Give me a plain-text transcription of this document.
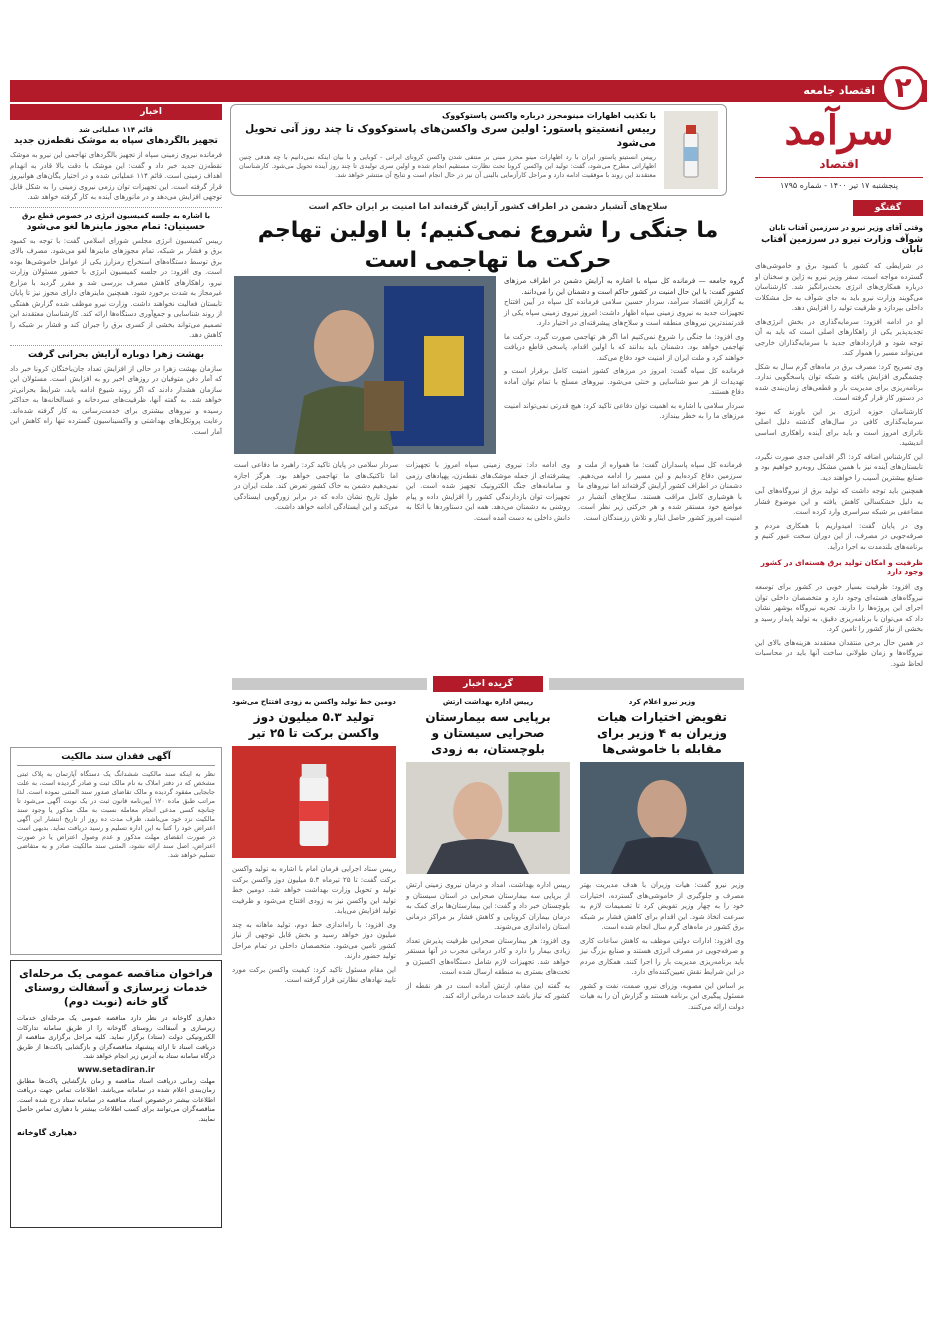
۲
اقتصاد جامعه
سرآمد
اقتصاد
پنجشنبه ۱۷ تیر ۱۴۰۰ - شماره ۱۷۹۵
با تکذیب اظهارات مینومحرز درباره واکسن پاستوکووک
رییس انستیتو پاستور: اولین سری واکسن‌های پاستوکووک تا چند روز آتی تحویل می‌شود
رییس انستیتو پاستور ایران با رد اظهارات مینو محرز مبنی بر منتفی شدن واکسن کرونای ایرانی - کوبایی و با بیان اینکه نمی‌دانیم با چه هدفی چنین اظهاراتی مطرح می‌شود، گفت: تولید این واکسن کرونا تحت نظارت مستقیم انجام شده و اولین سری تولیدی تا چند روز آینده تحویل می‌شود. کارشناسان معتقدند این روند با موفقیت ادامه دارد و مراحل کارآزمایی بالینی آن نیز در حال انجام است و نتایج آن منتشر خواهد شد.
گفتگو
وقتی آقای وزیر نیرو در سرزمین آفتاب تابان
شوآف وزارت نیرو در سرزمین آفتاب تابان

در شرایطی که کشور با کمبود برق و خاموشی‌های گسترده مواجه است، سفر وزیر نیرو به ژاپن و سخنان او درباره همکاری‌های انرژی بحث‌برانگیز شد. کارشناسان می‌گویند وزارت نیرو باید به جای شوآف به حل مشکلات داخلی بپردازد و ظرفیت تولید را افزایش دهد.

او در ادامه افزود: سرمایه‌گذاری در بخش انرژی‌های تجدیدپذیر یکی از راهکارهای اصلی است که باید به آن توجه شود و قراردادهای جدید با سرمایه‌گذاران خارجی می‌تواند مسیر را هموار کند.

وی تصریح کرد: مصرف برق در ماه‌های گرم سال به شکل چشمگیری افزایش یافته و شبکه توان پاسخگویی ندارد. برنامه‌ریزی برای مدیریت بار و قطعی‌های زمان‌بندی شده در دستور کار قرار گرفته است.

کارشناسان حوزه انرژی بر این باورند که نبود سرمایه‌گذاری کافی در سال‌های گذشته دلیل اصلی ناترازی امروز است و باید برای آینده راهکاری اساسی اندیشید.

این کارشناس اضافه کرد: اگر اقدامی جدی صورت نگیرد، تابستان‌های آینده نیز با همین مشکل روبه‌رو خواهیم بود و صنایع بیشترین آسیب را خواهند دید.

همچنین باید توجه داشت که تولید برق از نیروگاه‌های آبی به دلیل خشکسالی کاهش یافته و این موضوع فشار مضاعفی بر شبکه سراسری وارد کرده است.

وی در پایان گفت: امیدواریم با همکاری مردم و صرفه‌جویی در مصرف، از این دوران سخت عبور کنیم و برنامه‌های بلندمدت به اجرا درآید.

ظرفیت و امکان تولید برق هسته‌ای در کشور وجود دارد

وی افزود: ظرفیت بسیار خوبی در کشور برای توسعه نیروگاه‌های هسته‌ای وجود دارد و متخصصان داخلی توان اجرای این پروژه‌ها را دارند. تجربه نیروگاه بوشهر نشان داد که می‌توان با برنامه‌ریزی دقیق، به تولید پایدار رسید و بخشی از نیاز کشور را تامین کرد.

در همین حال برخی منتقدان معتقدند هزینه‌های بالای این نیروگاه‌ها و زمان طولانی ساخت آنها باید در محاسبات لحاظ شود.

سلاح‌های آتشبار دشمن در اطراف کشور آرایش گرفته‌اند اما امنیت بر ایران حاکم است
ما جنگی را شروع نمی‌کنیم؛ با اولین تهاجم حرکت ما تهاجمی است
گروه جامعه — فرمانده کل سپاه با اشاره به آرایش دشمن در اطراف مرزهای کشور گفت: با این حال امنیت در کشور حاکم است و دشمنان این را می‌دانند.

به گزارش اقتصاد سرآمد، سردار حسین سلامی فرمانده کل سپاه در آیین افتتاح تجهیزات جدید به نیروی زمینی سپاه اظهار داشت: امروز نیروی زمینی سپاه یکی از قدرتمندترین نیروهای منطقه است و سلاح‌های پیشرفته‌ای در اختیار دارد.

وی افزود: ما جنگی را شروع نمی‌کنیم اما اگر هر تهاجمی صورت گیرد، حرکت ما تهاجمی خواهد بود. دشمنان باید بدانند که با اولین اقدام، پاسخی قاطع دریافت خواهند کرد و ملت ایران از امنیت خود دفاع می‌کند.

فرمانده کل سپاه گفت: امروز در مرزهای کشور امنیت کامل برقرار است و تهدیدات از هر سو شناسایی و خنثی می‌شود. نیروهای مسلح با تمام توان آماده دفاع هستند.

سردار سلامی با اشاره به اهمیت توان دفاعی تاکید کرد: هیچ قدرتی نمی‌تواند امنیت مرزهای ما را به خطر بیندازد.

فرمانده کل سپاه پاسداران گفت: ما همواره از ملت و سرزمین دفاع کرده‌ایم و این مسیر را ادامه می‌دهیم. دشمنان در اطراف کشور آرایش گرفته‌اند اما نیروهای ما با هوشیاری کامل مراقب هستند. سلاح‌های آتشبار در مواضع خود مستقر شده و هر حرکتی زیر نظر است. امنیت امروز کشور حاصل ایثار و تلاش رزمندگان است.

وی ادامه داد: نیروی زمینی سپاه امروز با تجهیزات پیشرفته‌ای از جمله موشک‌های نقطه‌زن، پهپادهای رزمی و سامانه‌های جنگ الکترونیک تجهیز شده است. این تجهیزات توان بازدارندگی کشور را افزایش داده و پیام روشنی به دشمنان می‌دهد. همه این دستاوردها با اتکا به دانش داخلی به دست آمده است.

سردار سلامی در پایان تاکید کرد: راهبرد ما دفاعی است اما تاکتیک‌های ما تهاجمی خواهد بود. هرگز اجازه نمی‌دهیم دشمن به خاک کشور تعرض کند. ملت ایران در طول تاریخ نشان داده که در برابر زورگویی ایستادگی می‌کند و این ایستادگی ادامه خواهد داشت.

گزیده اخبار
وزیر نیرو اعلام کرد
تفویض اختیارات هیات وزیران به ۴ وزیر برای مقابله با خاموشی‌ها

وزیر نیرو گفت: هیات وزیران با هدف مدیریت بهتر مصرف و جلوگیری از خاموشی‌های گسترده، اختیارات خود را به چهار وزیر تفویض کرد تا تصمیمات لازم به سرعت اتخاذ شود. این اقدام برای کاهش فشار بر شبکه برق کشور در ماه‌های گرم سال انجام شده است.

وی افزود: ادارات دولتی موظف به کاهش ساعات کاری و صرفه‌جویی در مصرف انرژی هستند و صنایع بزرگ نیز باید برنامه‌ریزی مدیریت بار را اجرا کنند. همکاری مردم در این شرایط نقش تعیین‌کننده‌ای دارد.

بر اساس این مصوبه، وزرای نیرو، صمت، نفت و کشور مسئول پیگیری این برنامه هستند و گزارش آن را به هیات دولت ارائه می‌کنند.

رییس اداره بهداشت ارتش
برپایی سه بیمارستان صحرایی سیستان و بلوچستان، به زودی

رییس اداره بهداشت، امداد و درمان نیروی زمینی ارتش از برپایی سه بیمارستان صحرایی در استان سیستان و بلوچستان خبر داد و گفت: این بیمارستان‌ها برای کمک به درمان بیماران کرونایی و کاهش فشار بر مراکز درمانی استان راه‌اندازی می‌شوند.

وی افزود: هر بیمارستان صحرایی ظرفیت پذیرش تعداد زیادی بیمار را دارد و کادر درمانی مجرب در آنها مستقر خواهد شد. تجهیزات لازم شامل دستگاه‌های اکسیژن و تخت‌های بستری به منطقه ارسال شده است.

به گفته این مقام، ارتش آماده است در هر نقطه از کشور که نیاز باشد خدمات درمانی ارائه کند.

دومین خط تولید واکسن به زودی افتتاح می‌شود
تولید ۵.۳ میلیون دوز واکسن برکت تا ۲۵ تیر

رییس ستاد اجرایی فرمان امام با اشاره به تولید واکسن برکت گفت: تا ۲۵ تیرماه ۵.۳ میلیون دوز واکسن برکت تولید و تحویل وزارت بهداشت خواهد شد. دومین خط تولید این واکسن نیز به زودی افتتاح می‌شود و ظرفیت تولید افزایش می‌یابد.

وی افزود: با راه‌اندازی خط دوم، تولید ماهانه به چند میلیون دوز خواهد رسید و بخش قابل توجهی از نیاز کشور تامین می‌شود. متخصصان داخلی در تمام مراحل تولید حضور دارند.

این مقام مسئول تاکید کرد: کیفیت واکسن برکت مورد تایید نهادهای نظارتی قرار گرفته است.

اخبار
قائم ۱۱۴ عملیاتی شد
تجهیز بالگردهای سپاه به موشک نقطه‌زن جدید

فرمانده نیروی زمینی سپاه از تجهیز بالگردهای تهاجمی این نیرو به موشک نقطه‌زن جدید خبر داد و گفت: این موشک با دقت بالا قادر به انهدام اهداف زمینی است. قائم ۱۱۴ عملیاتی شده و در اختیار یگان‌های هوانیروز قرار گرفته است. این تجهیزات توان رزمی نیروی زمینی را به شکل قابل توجهی افزایش می‌دهد و در مانورهای آینده به کار گرفته خواهد شد.

با اشاره به جلسه کمیسیون انرژی در خصوص قطع برق
حسینیان: تمام مجوز ماینرها لغو می‌شود

رییس کمیسیون انرژی مجلس شورای اسلامی گفت: با توجه به کمبود برق و فشار بر شبکه، تمام مجوزهای ماینرها لغو می‌شود. مصرف بالای برق توسط دستگاه‌های استخراج رمزارز یکی از عوامل خاموشی‌ها بوده است. وی افزود: در جلسه کمیسیون انرژی با حضور مسئولان وزارت نیرو، راهکارهای کاهش مصرف بررسی شد و مقرر گردید با مزارع غیرمجاز به شدت برخورد شود. همچنین ماینرهای دارای مجوز نیز تا پایان تابستان فعالیت نخواهند داشت. وزارت نیرو موظف شده گزارش هفتگی از روند شناسایی و جمع‌آوری دستگاه‌ها ارائه کند. کارشناسان معتقدند این تصمیم می‌تواند بخشی از کسری برق را جبران کند و فشار بر شبکه را کاهش دهد.

بهشت زهرا دوباره آرایش بحرانی گرفت

سازمان بهشت زهرا در حالی از افزایش تعداد جان‌باختگان کرونا خبر داد که آمار دفن متوفیان در روزهای اخیر رو به افزایش است. مسئولان این سازمان هشدار دادند که اگر روند شیوع ادامه یابد، شرایط بحرانی‌تر خواهد شد. به گفته آنها، ظرفیت‌های سردخانه و غسالخانه‌ها به حداکثر رسیده و نیروهای بیشتری برای خدمت‌رسانی به کار گرفته شده‌اند. رعایت پروتکل‌های بهداشتی و واکسیناسیون گسترده تنها راه کاهش این آمار است.

آگهی فقدان سند مالکیت

نظر به اینکه سند مالکیت ششدانگ یک دستگاه آپارتمان به پلاک ثبتی مشخص که در دفتر املاک به نام مالک ثبت و صادر گردیده است، به علت جابجایی مفقود گردیده و مالک تقاضای صدور سند المثنی نموده است. لذا مراتب طبق ماده ۱۲۰ آیین‌نامه قانون ثبت در یک نوبت آگهی می‌شود تا چنانچه کسی مدعی انجام معامله نسبت به ملک مذکور یا وجود سند مالکیت نزد خود می‌باشد، ظرف مدت ده روز از تاریخ انتشار این آگهی اعتراض خود را کتباً به این اداره تسلیم و رسید دریافت نماید. بدیهی است در صورت انقضای مهلت مذکور و عدم وصول اعتراض یا در صورت اعتراض، اصل سند ارائه نشود، المثنی سند مالکیت صادر و به متقاضی تسلیم خواهد شد.

فراخوان مناقصه عمومی یک مرحله‌ای خدمات زیرسازی و آسفالت روستای گاو خانه (نوبت دوم)

دهیاری گاوخانه در نظر دارد مناقصه عمومی یک مرحله‌ای خدمات زیرسازی و آسفالت روستای گاوخانه را از طریق سامانه تدارکات الکترونیکی دولت (ستاد) برگزار نماید. کلیه مراحل برگزاری مناقصه از دریافت اسناد تا ارائه پیشنهاد مناقصه‌گران و بازگشایی پاکت‌ها از طریق درگاه سامانه ستاد به آدرس زیر انجام خواهد شد.

www.setadiran.ir

مهلت زمانی دریافت اسناد مناقصه و زمان بازگشایی پاکت‌ها مطابق زمان‌بندی اعلام شده در سامانه می‌باشد. اطلاعات تماس جهت دریافت اطلاعات بیشتر درخصوص اسناد مناقصه در سامانه ستاد درج شده است. مناقصه‌گران می‌توانند برای کسب اطلاعات بیشتر با دهیاری تماس حاصل نمایند.

دهیاری گاوخانه
